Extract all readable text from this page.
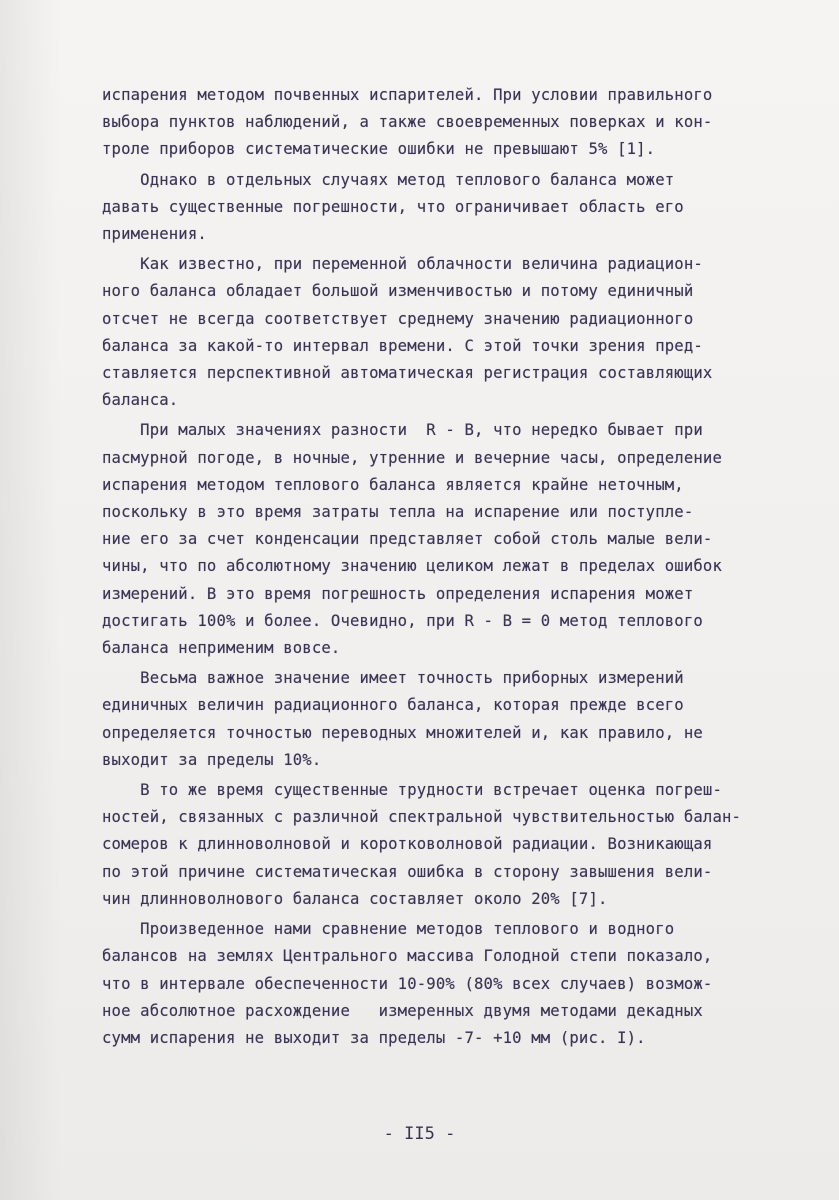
испарения методом почвенных испарителей. При условии правильного
выбора пунктов наблюдений, а также своевременных поверках и кон-
троле приборов систематические ошибки не превышают 5% [1].
Однако в отдельных случаях метод теплового баланса может
давать существенные погрешности, что ограничивает область его
применения.
Как известно, при переменной облачности величина радиацион-
ного баланса обладает большой изменчивостью и потому единичный
отсчет не всегда соответствует среднему значению радиационного
баланса за какой-то интервал времени. С этой точки зрения пред-
ставляется перспективной автоматическая регистрация составляющих
баланса.
При малых значениях разности  R - B, что нередко бывает при
пасмурной погоде, в ночные, утренние и вечерние часы, определение
испарения методом теплового баланса является крайне неточным,
поскольку в это время затраты тепла на испарение или поступле-
ние его за счет конденсации представляет собой столь малые вели-
чины, что по абсолютному значению целиком лежат в пределах ошибок
измерений. В это время погрешность определения испарения может
достигать 100% и более. Очевидно, при R - B = 0 метод теплового
баланса неприменим вовсе.
Весьма важное значение имеет точность приборных измерений
единичных величин радиационного баланса, которая прежде всего
определяется точностью переводных множителей и, как правило, не
выходит за пределы 10%.
В то же время существенные трудности встречает оценка погреш-
ностей, связанных с различной спектральной чувствительностью балан-
сомеров к длинноволновой и коротковолновой радиации. Возникающая
по этой причине систематическая ошибка в сторону завышения вели-
чин длинноволнового баланса составляет около 20% [7].
Произведенное нами сравнение методов теплового и водного
балансов на землях Центрального массива Голодной степи показало,
что в интервале обеспеченности 10-90% (80% всех случаев) возмож-
ное абсолютное расхождение   измеренных двумя методами декадных
сумм испарения не выходит за пределы -7- +10 мм (рис. I).
- II5 -
